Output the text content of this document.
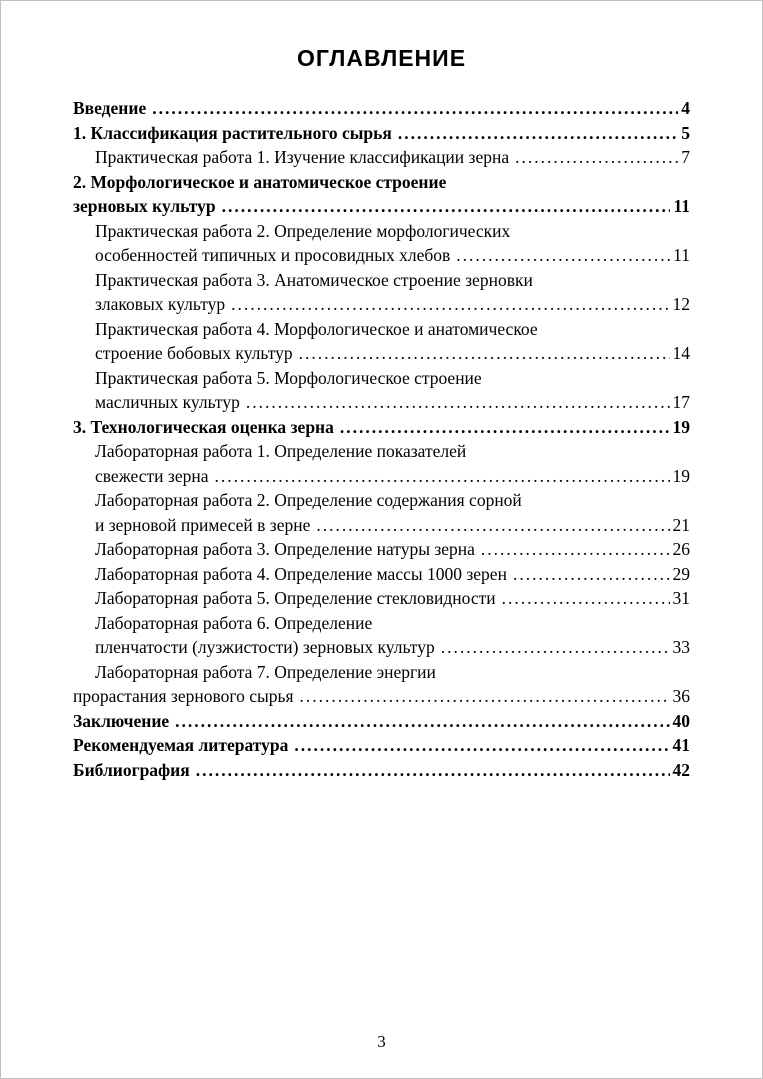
ОГЛАВЛЕНИЕ
Введение .....	4
1. Классификация растительного сырья .....	5
Практическая работа 1. Изучение классификации зерна .....	7
2. Морфологическое и анатомическое строение
зерновых культур .....	11
Практическая работа 2. Определение морфологических
особенностей типичных и просовидных хлебов .....	11
Практическая работа 3. Анатомическое строение зерновки
злаковых культур .....	12
Практическая работа 4. Морфологическое и анатомическое
строение бобовых культур .....	14
Практическая работа 5. Морфологическое строение
масличных культур .....	17
3. Технологическая оценка зерна .....	19
Лабораторная работа 1. Определение показателей
свежести зерна .....	19
Лабораторная работа 2. Определение содержания сорной
и зерновой примесей в зерне .....	21
Лабораторная работа 3. Определение натуры зерна .....	26
Лабораторная работа 4. Определение массы 1000 зерен .....	29
Лабораторная работа 5. Определение стекловидности .....	31
Лабораторная работа 6. Определение
пленчатости (лузжистости) зерновых культур .....	33
Лабораторная работа 7. Определение энергии
прорастания зернового сырья .....	36
Заключение .....	40
Рекомендуемая литература .....	41
Библиография .....	42
3
